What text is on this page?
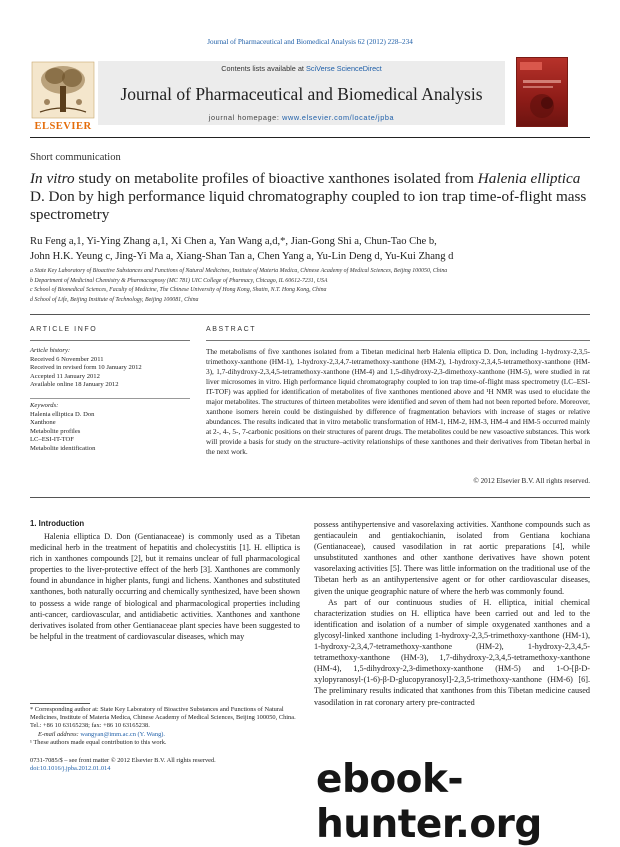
Journal of Pharmaceutical and Biomedical Analysis 62 (2012) 228–234
ELSEVIER
Contents lists available at SciVerse ScienceDirect
Journal of Pharmaceutical and Biomedical Analysis
journal homepage: www.elsevier.com/locate/jpba
Short communication
In vitro study on metabolite profiles of bioactive xanthones isolated from Halenia elliptica D. Don by high performance liquid chromatography coupled to ion trap time-of-flight mass spectrometry
Ru Feng a,1, Yi-Ying Zhang a,1, Xi Chen a, Yan Wang a,d,*, Jian-Gong Shi a, Chun-Tao Che b,
John H.K. Yeung c, Jing-Yi Ma a, Xiang-Shan Tan a, Chen Yang a, Yu-Lin Deng d, Yu-Kui Zhang d
a State Key Laboratory of Bioactive Substances and Functions of Natural Medicines, Institute of Materia Medica, Chinese Academy of Medical Sciences, Beijing 100050, China
b Department of Medicinal Chemistry & Pharmacognosy (MC 781) UIC College of Pharmacy, Chicago, IL 60612-7231, USA
c School of Biomedical Sciences, Faculty of Medicine, The Chinese University of Hong Kong, Shatin, N.T. Hong Kong, China
d School of Life, Beijing Institute of Technology, Beijing 100081, China
ARTICLE INFO	ABSTRACT
Article history:
Received 6 November 2011
Received in revised form 10 January 2012
Accepted 11 January 2012
Available online 18 January 2012
Keywords:
Halenia elliptica D. Don
Xanthone
Metabolite profiles
LC–ESI-IT-TOF
Metabolite identification
The metabolisms of five xanthones isolated from a Tibetan medicinal herb Halenia elliptica D. Don, including 1-hydroxy-2,3,5-trimethoxy-xanthone (HM-1), 1-hydroxy-2,3,4,7-tetramethoxy-xanthone (HM-2), 1-hydroxy-2,3,4,5-tetramethoxy-xanthone (HM-3), 1,7-dihydroxy-2,3,4,5-tetramethoxy-xanthone (HM-4) and 1,5-dihydroxy-2,3-dimethoxy-xanthone (HM-5), were studied in rat liver microsomes in vitro. High performance liquid chromatography coupled to ion trap time-of-flight mass spectrometry (LC–ESI-IT-TOF) was applied for identification of metabolites of five xanthones mentioned above and ¹H NMR was used to elucidate the major metabolites. The structures of thirteen metabolites were identified and seven of them had not been reported before. Moreover, xanthone isomers herein could be distinguished by difference of fragmentation behaviors with increase of stages or relative abundances. The results indicated that in vitro metabolic transformation of HM-1, HM-2, HM-3, HM-4 and HM-5 occurred mainly at 2-, 4-, 5-, 7-carbonic positions on their structures of parent drugs. The metabolites could be new vasoactive substances. This work will provide a basis for study on the structure–activity relationships of these xanthones and their derivatives from Tibetan herbal in the next work.
© 2012 Elsevier B.V. All rights reserved.
1. Introduction

Halenia elliptica D. Don (Gentianaceae) is commonly used as a Tibetan medicinal herb in the treatment of hepatitis and cholecystitis [1]. H. elliptica is rich in xanthones compounds [2], but it remains unclear of full pharmacological properties to the liver-protective effect of the herb [3]. Xanthones are commonly found in abundance in higher plants, fungi and lichens. Xanthones and substituted xanthones, both naturally occurring and chemically synthesized, have been shown to possess a wide range of biological and pharmacological properties including anti-cancer, cardiovascular, and antidiabetic activities. Xanthones and xanthone derivatives isolated from other Gentianaceae plant species have been suggested to be helpful in the treatment of cardiovascular diseases, which may

possess antihypertensive and vasorelaxing activities. Xanthone compounds such as gentiacaulein and gentiakochianin, isolated from Gentiana kochiana (Gentianaceae), caused vasodilation in rat aortic preparations [4], while unsubstituted xanthones and other xanthone derivatives have shown potent vasorelaxing activities [5]. There was little information on the traditional use of the Tibetan herb as an antihypertensive agent or for other cardiovascular diseases, given the unique geographic nature of where the herb was commonly found.

As part of our continuous studies of H. elliptica, initial chemical characterization studies on H. elliptica have been carried out and led to the identification and isolation of a number of simple oxygenated xanthones and a glycosyl-linked xanthone including 1-hydroxy-2,3,5-trimethoxy-xanthone (HM-1), 1-hydroxy-2,3,4,7-tetramethoxy-xanthone (HM-2), 1-hydroxy-2,3,4,5-tetramethoxy-xanthone (HM-3), 1,7-dihydroxy-2,3,4,5-tetramethoxy-xanthone (HM-4), 1,5-dihydroxy-2,3-dimethoxy-xanthone (HM-5) and 1-O-[β-D-xylopyranosyl-(1-6)-β-D-glucopyranosyl]-2,3,5-trimethoxy-xanthone (HM-6) [6]. The preliminary results indicated that xanthones from this Tibetan medicine caused vasodilation in rat coronary artery pre-contracted

* Corresponding author at: State Key Laboratory of Bioactive Substances and Functions of Natural Medicines, Institute of Materia Medica, Chinese Academy of Medical Sciences, Beijing 100050, China. Tel.: +86 10 63165238; fax: +86 10 63165238.
E-mail address: wangyan@imm.ac.cn (Y. Wang).
¹ These authors made equal contribution to this work.
0731-7085/$ – see front matter © 2012 Elsevier B.V. All rights reserved.
doi:10.1016/j.jpba.2012.01.014	ebook-hunter.org
